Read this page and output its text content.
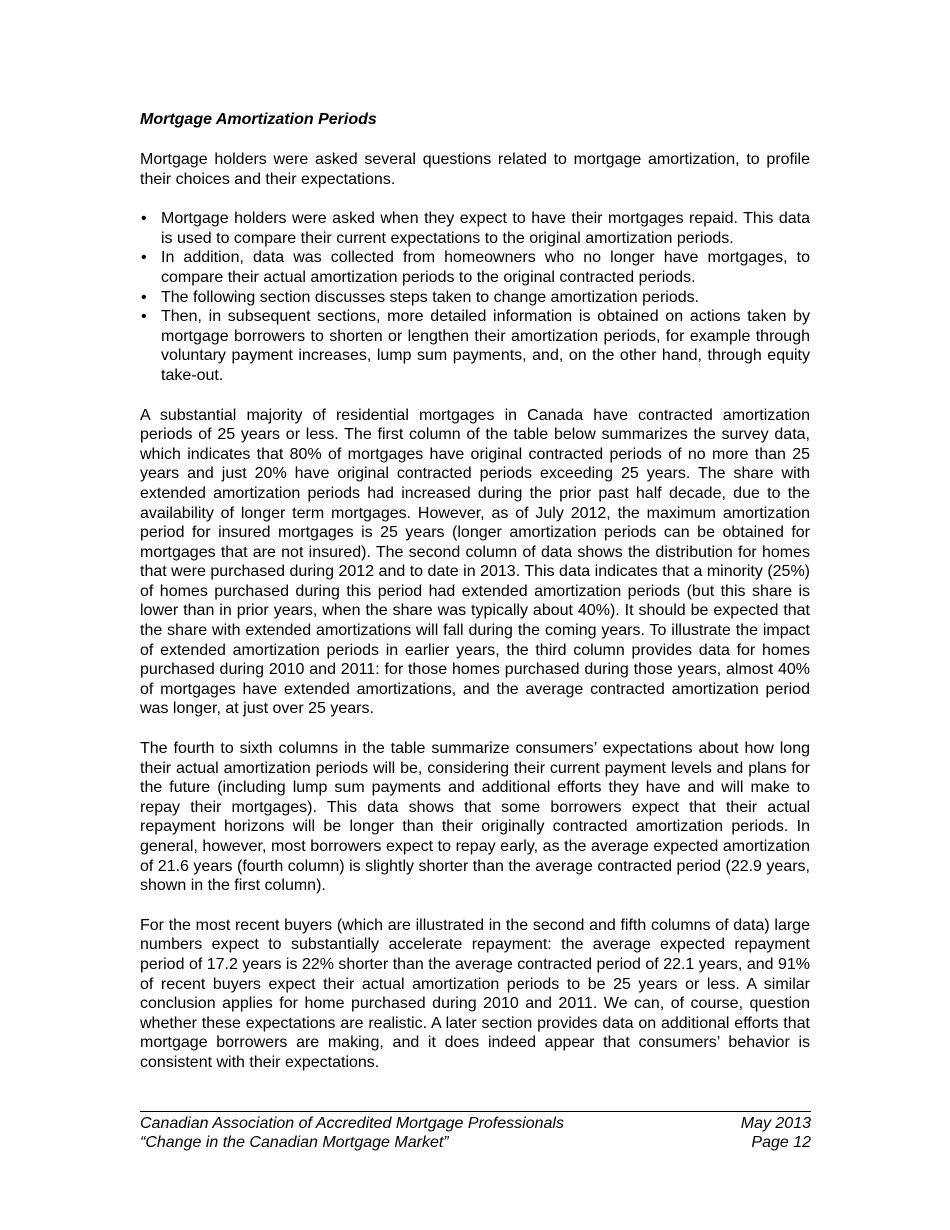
Mortgage Amortization Periods

Mortgage holders were asked several questions related to mortgage amortization, to profile their choices and their expectations.

• Mortgage holders were asked when they expect to have their mortgages repaid. This data is used to compare their current expectations to the original amortization periods.
• In addition, data was collected from homeowners who no longer have mortgages, to compare their actual amortization periods to the original contracted periods.
• The following section discusses steps taken to change amortization periods.
• Then, in subsequent sections, more detailed information is obtained on actions taken by mortgage borrowers to shorten or lengthen their amortization periods, for example through voluntary payment increases, lump sum payments, and, on the other hand, through equity take-out.

A substantial majority of residential mortgages in Canada have contracted amortization periods of 25 years or less. The first column of the table below summarizes the survey data, which indicates that 80% of mortgages have original contracted periods of no more than 25 years and just 20% have original contracted periods exceeding 25 years. The share with extended amortization periods had increased during the prior past half decade, due to the availability of longer term mortgages. However, as of July 2012, the maximum amortization period for insured mortgages is 25 years (longer amortization periods can be obtained for mortgages that are not insured). The second column of data shows the distribution for homes that were purchased during 2012 and to date in 2013. This data indicates that a minority (25%) of homes purchased during this period had extended amortization periods (but this share is lower than in prior years, when the share was typically about 40%). It should be expected that the share with extended amortizations will fall during the coming years. To illustrate the impact of extended amortization periods in earlier years, the third column provides data for homes purchased during 2010 and 2011: for those homes purchased during those years, almost 40% of mortgages have extended amortizations, and the average contracted amortization period was longer, at just over 25 years.

The fourth to sixth columns in the table summarize consumers’ expectations about how long their actual amortization periods will be, considering their current payment levels and plans for the future (including lump sum payments and additional efforts they have and will make to repay their mortgages). This data shows that some borrowers expect that their actual repayment horizons will be longer than their originally contracted amortization periods. In general, however, most borrowers expect to repay early, as the average expected amortization of 21.6 years (fourth column) is slightly shorter than the average contracted period (22.9 years, shown in the first column).

For the most recent buyers (which are illustrated in the second and fifth columns of data) large numbers expect to substantially accelerate repayment: the average expected repayment period of 17.2 years is 22% shorter than the average contracted period of 22.1 years, and 91% of recent buyers expect their actual amortization periods to be 25 years or less. A similar conclusion applies for home purchased during 2010 and 2011. We can, of course, question whether these expectations are realistic. A later section provides data on additional efforts that mortgage borrowers are making, and it does indeed appear that consumers’ behavior is consistent with their expectations.

Canadian Association of Accredited Mortgage Professionals	May 2013
“Change in the Canadian Mortgage Market”	Page 12
